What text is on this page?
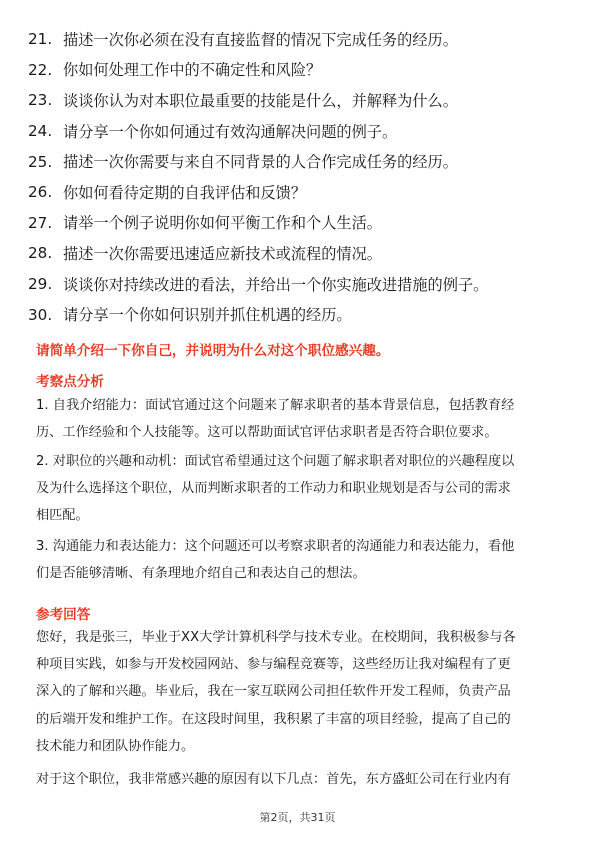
21. 描述一次你必须在没有直接监督的情况下完成任务的经历。
22. 你如何处理工作中的不确定性和风险？
23. 谈谈你认为对本职位最重要的技能是什么，并解释为什么。
24. 请分享一个你如何通过有效沟通解决问题的例子。
25. 描述一次你需要与来自不同背景的人合作完成任务的经历。
26. 你如何看待定期的自我评估和反馈？
27. 请举一个例子说明你如何平衡工作和个人生活。
28. 描述一次你需要迅速适应新技术或流程的情况。
29. 谈谈你对持续改进的看法，并给出一个你实施改进措施的例子。
30. 请分享一个你如何识别并抓住机遇的经历。
请简单介绍一下你自己，并说明为什么对这个职位感兴趣。
考察点分析
1. 自我介绍能力：面试官通过这个问题来了解求职者的基本背景信息，包括教育经
历、工作经验和个人技能等。这可以帮助面试官评估求职者是否符合职位要求。
2. 对职位的兴趣和动机：面试官希望通过这个问题了解求职者对职位的兴趣程度以
及为什么选择这个职位，从而判断求职者的工作动力和职业规划是否与公司的需求
相匹配。
3. 沟通能力和表达能力：这个问题还可以考察求职者的沟通能力和表达能力，看他
们是否能够清晰、有条理地介绍自己和表达自己的想法。
参考回答
您好，我是张三，毕业于XX大学计算机科学与技术专业。在校期间，我积极参与各
种项目实践，如参与开发校园网站、参与编程竞赛等，这些经历让我对编程有了更
深入的了解和兴趣。毕业后，我在一家互联网公司担任软件开发工程师，负责产品
的后端开发和维护工作。在这段时间里，我积累了丰富的项目经验，提高了自己的
技术能力和团队协作能力。
对于这个职位，我非常感兴趣的原因有以下几点：首先，东方盛虹公司在行业内有
第2页，共31页
